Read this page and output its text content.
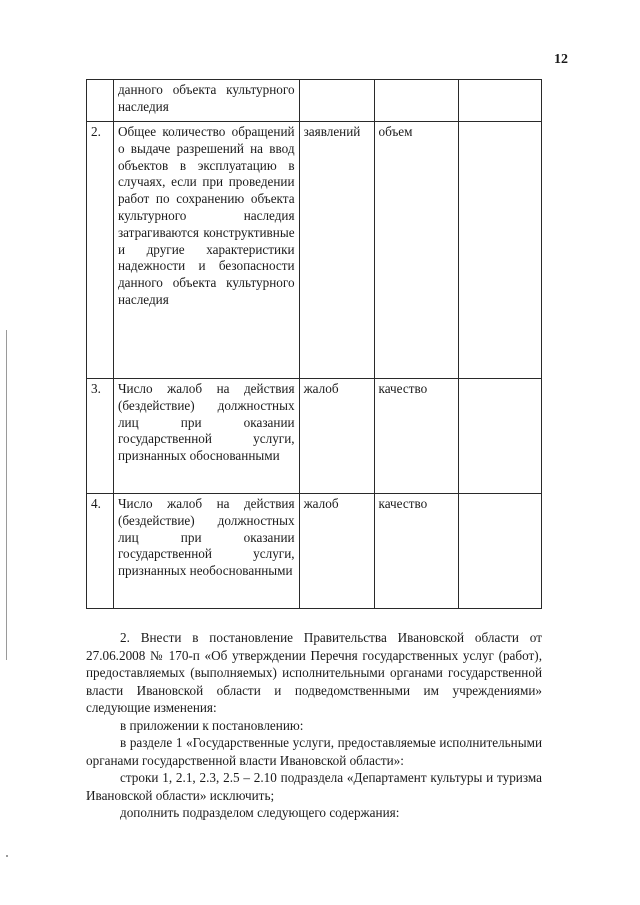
12
	данного объекта культурного наследия			
2.	Общее количество обращений о выдаче разрешений на ввод объектов в эксплуатацию в случаях, если при проведении работ по сохранению объекта культурного наследия затрагиваются конструктивные и другие характеристики надежности и безопасности данного объекта культурного наследия	заявлений	объем	
3.	Число жалоб на действия (бездействие) должностных лиц при оказании государственной услуги, признанных обоснованными	жалоб	качество	
4.	Число жалоб на действия (бездействие) должностных лиц при оказании государственной услуги, признанных необоснованными	жалоб	качество	

2. Внести в постановление Правительства Ивановской области от 27.06.2008 № 170-п «Об утверждении Перечня государственных услуг (работ), предоставляемых (выполняемых) исполнительными органами государственной власти Ивановской области и подведомственными им учреждениями» следующие изменения:

в приложении к постановлению:

в разделе 1 «Государственные услуги, предоставляемые исполнительными органами государственной власти Ивановской области»:

строки 1, 2.1, 2.3, 2.5 – 2.10 подраздела «Департамент культуры и туризма Ивановской области» исключить;

дополнить подразделом следующего содержания:
